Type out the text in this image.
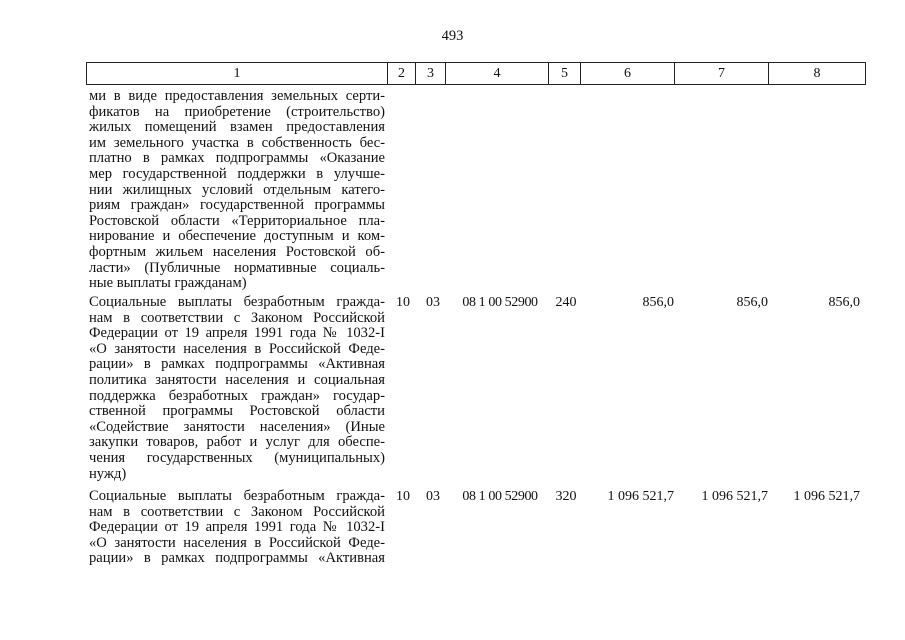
493
1	2	3	4	5	6	7	8
ми в виде предоставления земельных серти-
фикатов на приобретение (строительство)
жилых помещений взамен предоставления
им земельного участка в собственность бес-
платно в рамках подпрограммы «Оказание
мер государственной поддержки в улучше-
нии жилищных условий отдельным катего-
риям граждан» государственной программы
Ростовской области «Территориальное пла-
нирование и обеспечение доступным и ком-
фортным жильем населения Ростовской об-
ласти» (Публичные нормативные социаль-
ные выплаты гражданам)
Социальные выплаты безработным гражда-
нам в соответствии с Законом Российской
Федерации от 19 апреля 1991 года № 1032-I
«О занятости населения в Российской Феде-
рации» в рамках подпрограммы «Активная
политика занятости населения и социальная
поддержка безработных граждан» государ-
ственной программы Ростовской области
«Содействие занятости населения» (Иные
закупки товаров, работ и услуг для обеспе-
чения государственных (муниципальных)
нужд)
10	03	08 1 00 52900	240	856,0	856,0	856,0
Социальные выплаты безработным гражда-
нам в соответствии с Законом Российской
Федерации от 19 апреля 1991 года № 1032-I
«О занятости населения в Российской Феде-
рации» в рамках подпрограммы «Активная
10	03	08 1 00 52900	320	1 096 521,7	1 096 521,7	1 096 521,7
